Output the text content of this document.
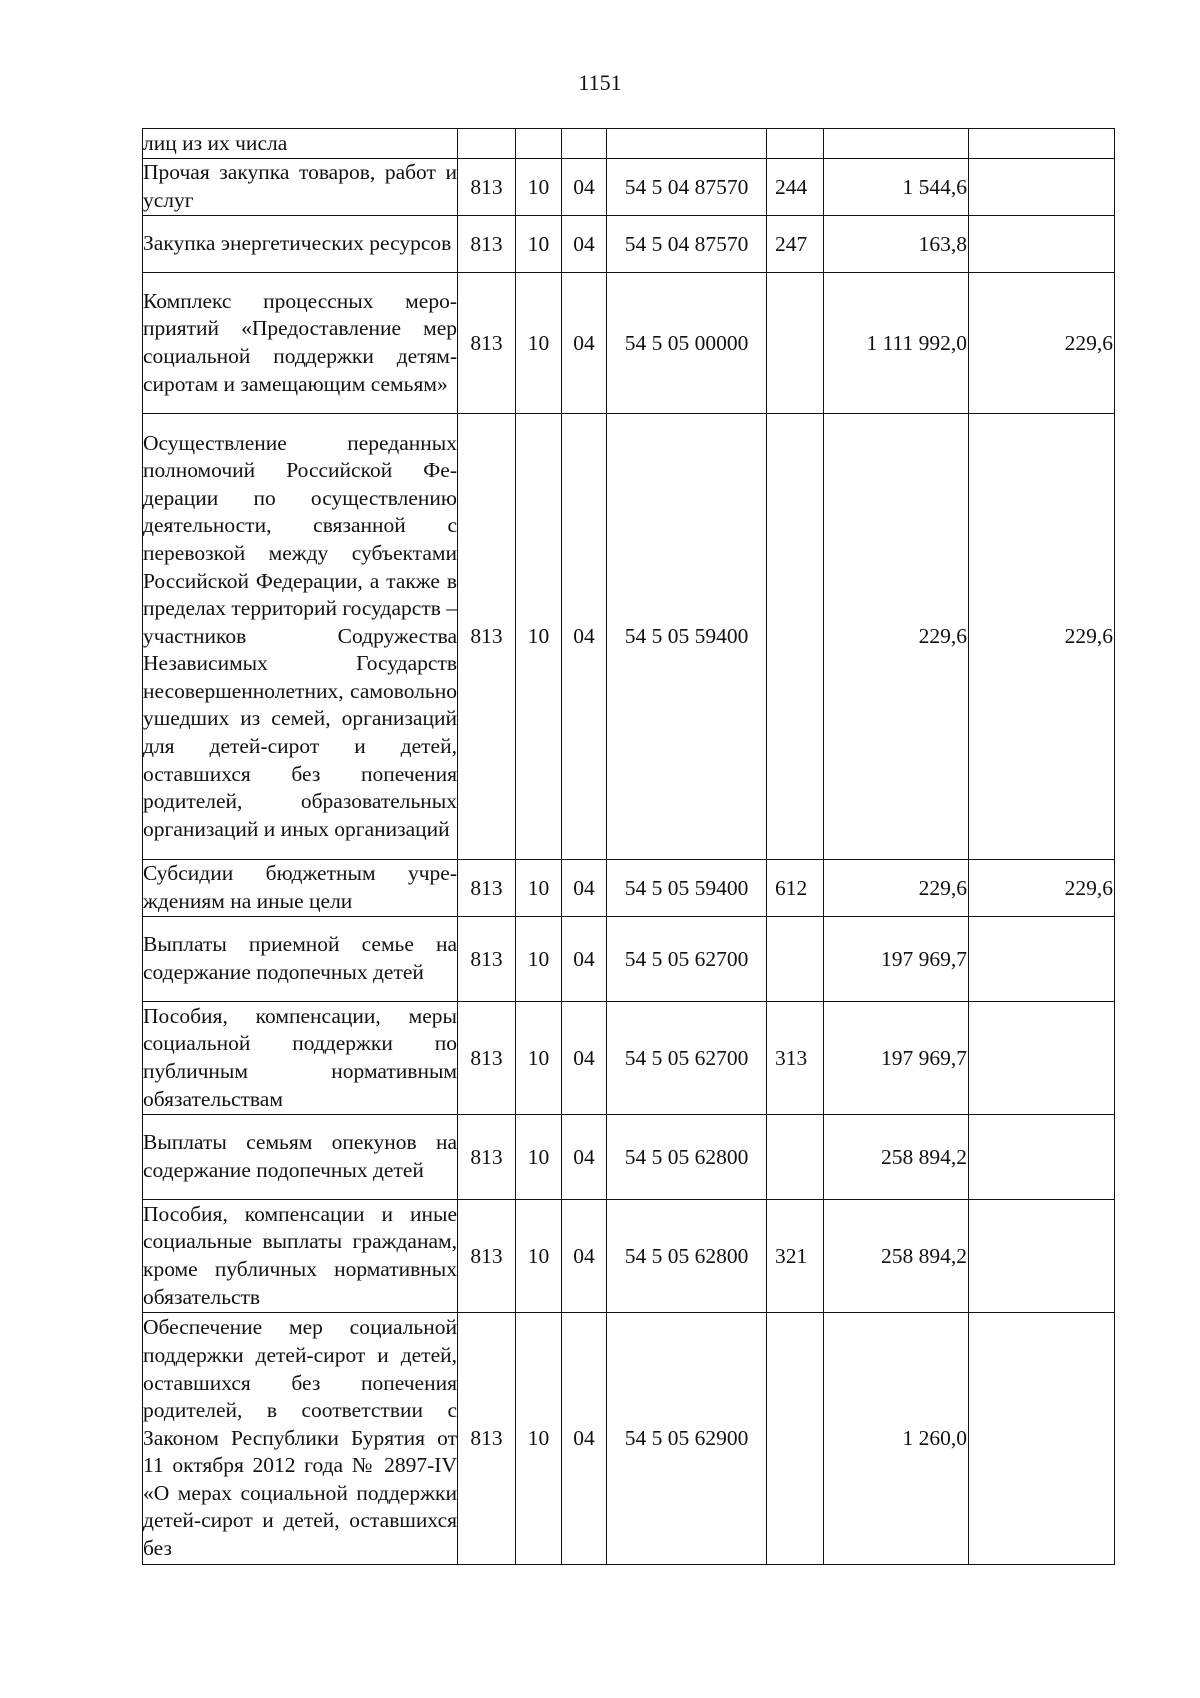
1151
лиц из их числа							
Прочая закупка товаров, работ и услуг	813	10	04	54 5 04 87570	244	1 544,6	
Закупка энергетических ресурсов	813	10	04	54 5 04 87570	247	163,8	
Комплекс процессных мероприятий «Предоставление мер социальной поддержки детям-сиротам и замещающим семьям»	813	10	04	54 5 05 00000		1 111 992,0	229,6
Осуществление переданных полномочий Российской Федерации по осуществлению деятельности, связанной с перевозкой между субъектами Российской Федерации, а также в пределах территорий государств – участников Содружества Независимых Государств несовершеннолетних, самовольно ушедших из семей, организаций для детей-сирот и детей, оставшихся без попечения родителей, образовательных организаций и иных организаций	813	10	04	54 5 05 59400		229,6	229,6
Субсидии бюджетным учреждениям на иные цели	813	10	04	54 5 05 59400	612	229,6	229,6
Выплаты приемной семье на содержание подопечных детей	813	10	04	54 5 05 62700		197 969,7	
Пособия, компенсации, меры социальной поддержки по публичным нормативным обязательствам	813	10	04	54 5 05 62700	313	197 969,7	
Выплаты семьям опекунов на содержание подопечных детей	813	10	04	54 5 05 62800		258 894,2	
Пособия, компенсации и иные социальные выплаты гражданам, кроме публичных нормативных обязательств	813	10	04	54 5 05 62800	321	258 894,2	
Обеспечение мер социальной поддержки детей-сирот и детей, оставшихся без попечения родителей, в соответствии с Законом Республики Бурятия от 11 октября 2012 года № 2897-IV «О мерах социальной поддержки детей-сирот и детей, оставшихся без	813	10	04	54 5 05 62900		1 260,0	
